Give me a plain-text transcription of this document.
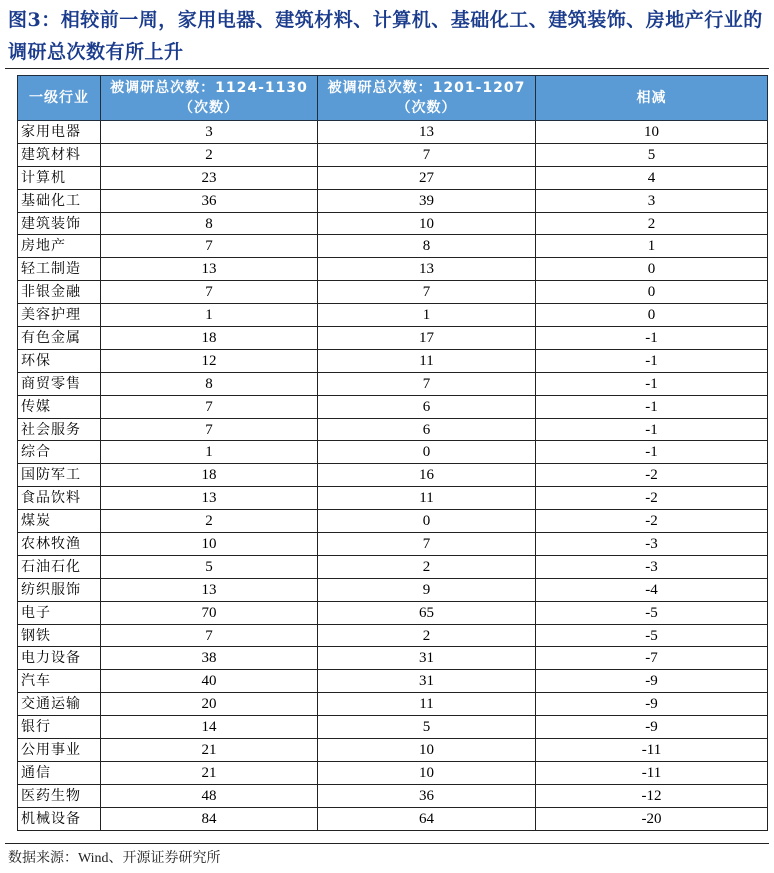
图3：相较前一周，家用电器、建筑材料、计算机、基础化工、建筑装饰、房地产行业的调研总次数有所上升
一级行业	被调研总次数：1124-1130（次数）	被调研总次数：1201-1207（次数）	相减
家用电器	3	13	10
建筑材料	2	7	5
计算机	23	27	4
基础化工	36	39	3
建筑装饰	8	10	2
房地产	7	8	1
轻工制造	13	13	0
非银金融	7	7	0
美容护理	1	1	0
有色金属	18	17	-1
环保	12	11	-1
商贸零售	8	7	-1
传媒	7	6	-1
社会服务	7	6	-1
综合	1	0	-1
国防军工	18	16	-2
食品饮料	13	11	-2
煤炭	2	0	-2
农林牧渔	10	7	-3
石油石化	5	2	-3
纺织服饰	13	9	-4
电子	70	65	-5
钢铁	7	2	-5
电力设备	38	31	-7
汽车	40	31	-9
交通运输	20	11	-9
银行	14	5	-9
公用事业	21	10	-11
通信	21	10	-11
医药生物	48	36	-12
机械设备	84	64	-20
数据来源：Wind、开源证券研究所
